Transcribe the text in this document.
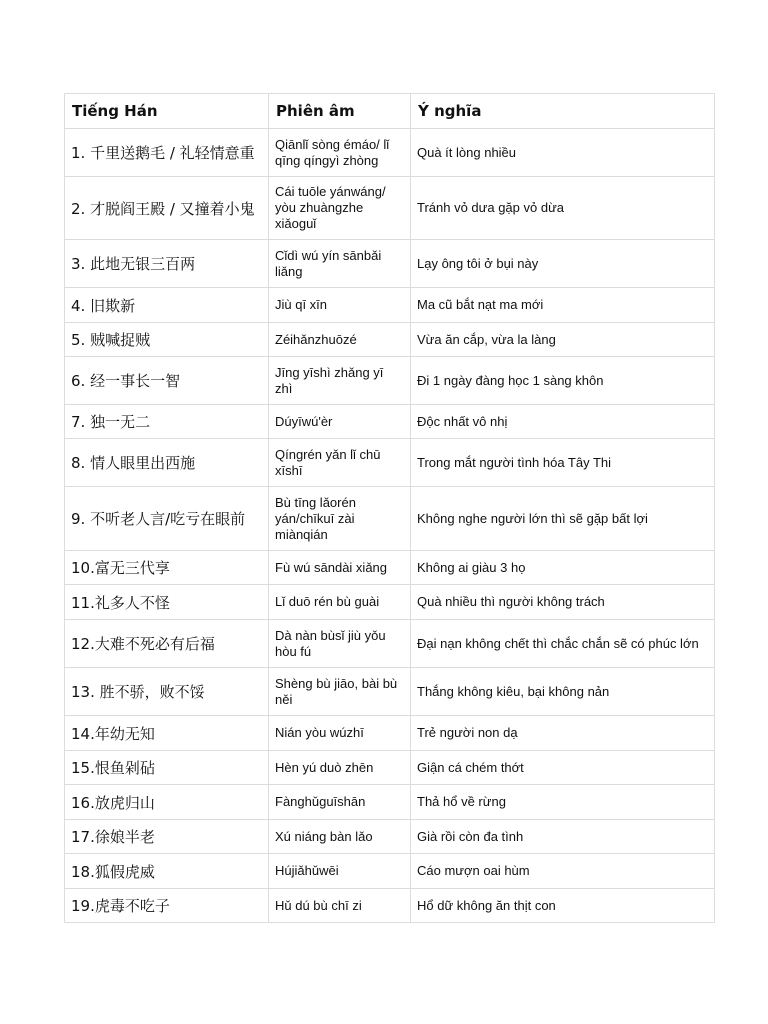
Tiếng Hán	Phiên âm	Ý nghĩa
1. 千里送鹅毛 / 礼轻情意重	Qiānlǐ sòng émáo/ lǐ qīng qíngyì zhòng	Quà ít lòng nhiều
2. 才脱阎王殿 / 又撞着小鬼	Cái tuōle yánwáng/ yòu zhuàngzhe xiǎoguǐ	Tránh vỏ dưa gặp vỏ dừa
3. 此地无银三百两	Cǐdì wú yín sānbǎi liǎng	Lạy ông tôi ở bụi này
4. 旧欺新	Jiù qī xīn	Ma cũ bắt nạt ma mới
5. 贼喊捉贼	Zéihǎnzhuōzé	Vừa ăn cắp, vừa la làng
6. 经一事长一智	Jīng yīshì zhǎng yī zhì	Đi 1 ngày đàng học 1 sàng khôn
7. 独一无二	Dúyīwú'èr	Độc nhất vô nhị
8. 情人眼里出西施	Qíngrén yǎn lǐ chū xīshī	Trong mắt người tình hóa Tây Thi
9. 不听老人言/吃亏在眼前	Bù tīng lǎorén yán/chīkuī zài miànqián	Không nghe người lớn thì sẽ gặp bất lợi
10.富无三代享	Fù wú sāndài xiǎng	Không ai giàu 3 họ
11.礼多人不怪	Lǐ duō rén bù guài	Quà nhiều thì người không trách
12.大难不死必有后福	Dà nàn bùsǐ jiù yǒu hòu fú	Đại nạn không chết thì chắc chắn sẽ có phúc lớn
13. 胜不骄，败不馁	Shèng bù jiāo, bài bù něi	Thắng không kiêu, bại không nản
14.年幼无知	Nián yòu wúzhī	Trẻ người non dạ
15.恨鱼剁砧	Hèn yú duò zhēn	Giận cá chém thớt
16.放虎归山	Fànghǔguīshān	Thả hổ về rừng
17.徐娘半老	Xú niáng bàn lǎo	Già rồi còn đa tình
18.狐假虎威	Hújiǎhǔwēi	Cáo mượn oai hùm
19.虎毒不吃子	Hǔ dú bù chī zi	Hổ dữ không ăn thịt con
